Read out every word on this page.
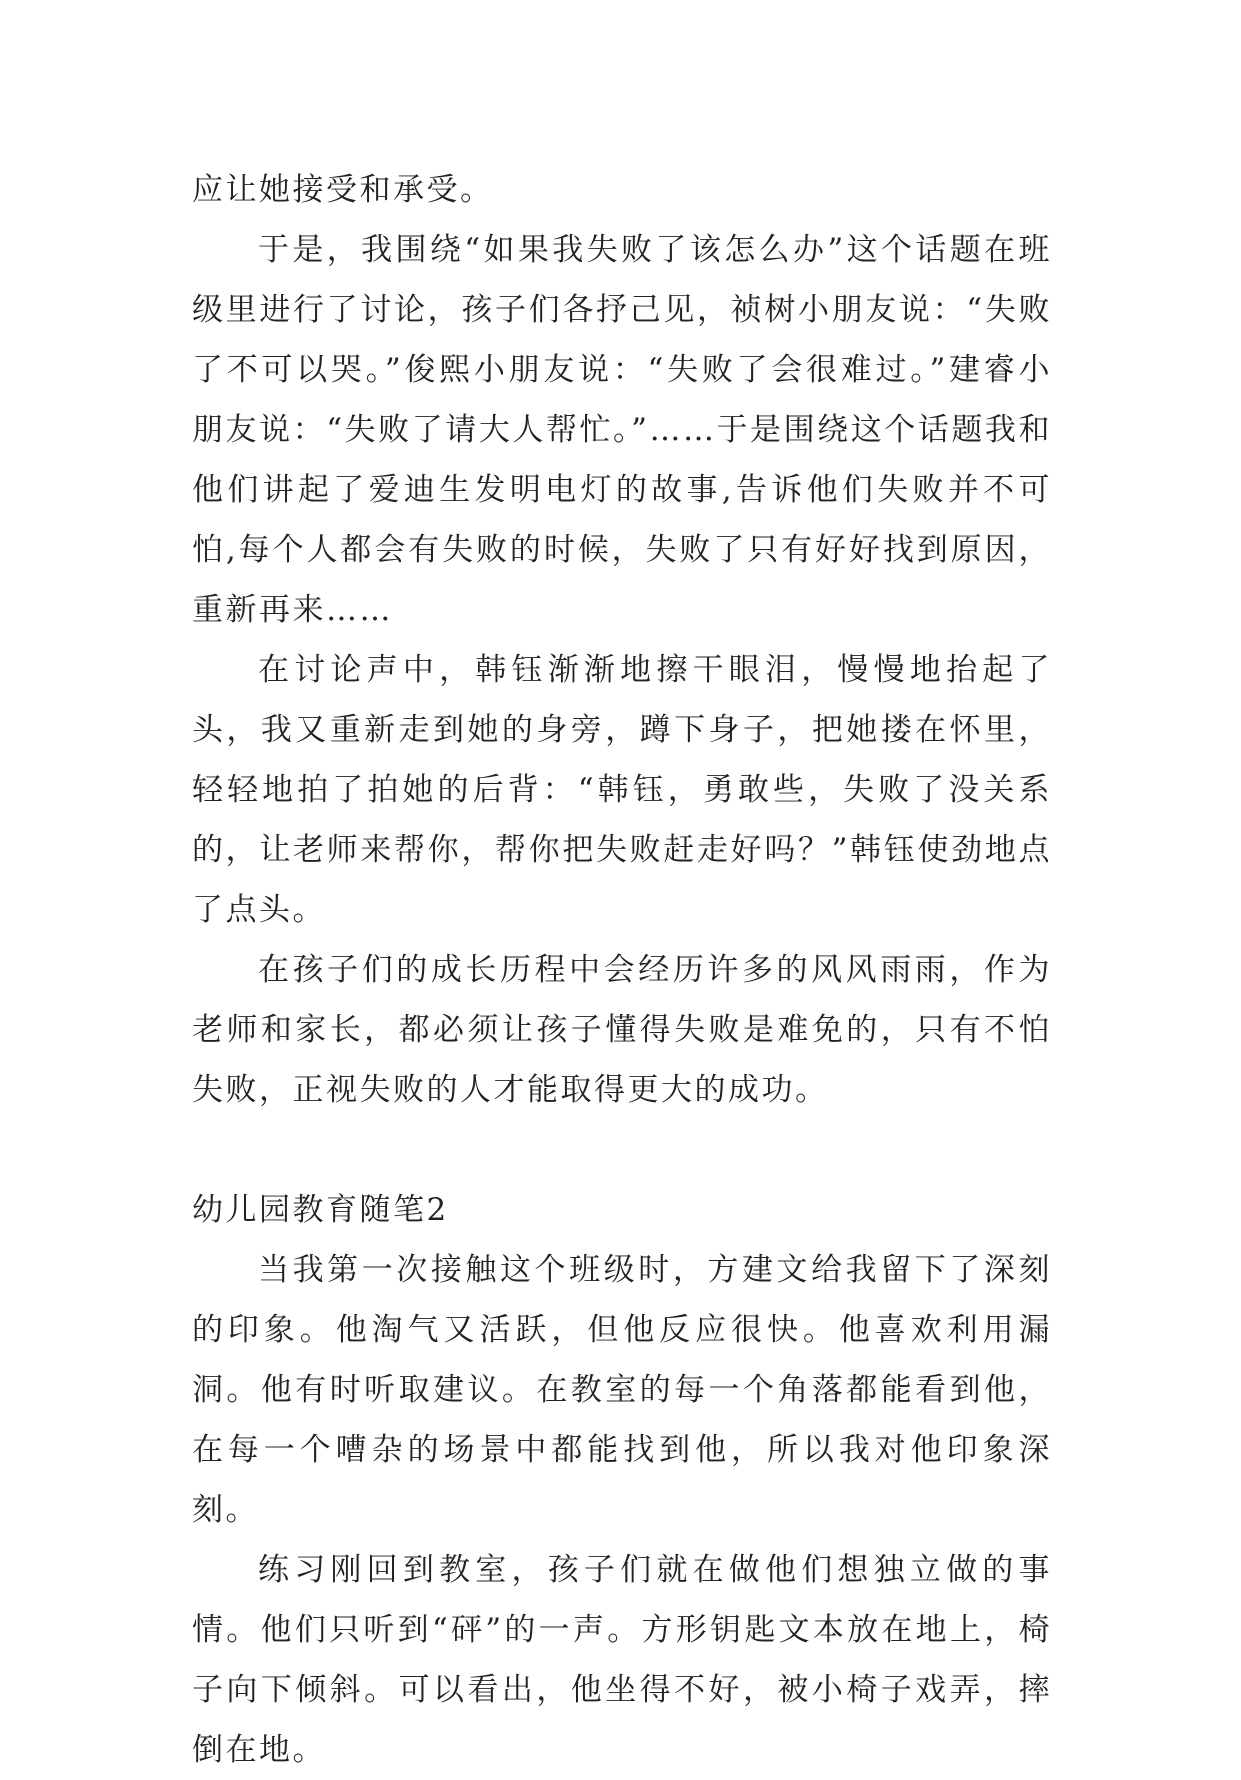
应让她接受和承受。

于是，我围绕“如果我失败了该怎么办”这个话题在班级里进行了讨论，孩子们各抒己见，祯树小朋友说：“失败了不可以哭。”俊熙小朋友说：“失败了会很难过。”建睿小朋友说：“失败了请大人帮忙。”……于是围绕这个话题我和他们讲起了爱迪生发明电灯的故事,告诉他们失败并不可怕,每个人都会有失败的时候，失败了只有好好找到原因，重新再来……

在讨论声中，韩钰渐渐地擦干眼泪，慢慢地抬起了头，我又重新走到她的身旁，蹲下身子，把她搂在怀里，轻轻地拍了拍她的后背：“韩钰，勇敢些，失败了没关系的，让老师来帮你，帮你把失败赶走好吗？”韩钰使劲地点了点头。

在孩子们的成长历程中会经历许多的风风雨雨，作为老师和家长，都必须让孩子懂得失败是难免的，只有不怕失败，正视失败的人才能取得更大的成功。

幼儿园教育随笔2

当我第一次接触这个班级时，方建文给我留下了深刻的印象。他淘气又活跃，但他反应很快。他喜欢利用漏洞。他有时听取建议。在教室的每一个角落都能看到他，在每一个嘈杂的场景中都能找到他，所以我对他印象深刻。

练习刚回到教室，孩子们就在做他们想独立做的事情。他们只听到“砰”的一声。方形钥匙文本放在地上，椅子向下倾斜。可以看出，他坐得不好，被小椅子戏弄，摔倒在地。
